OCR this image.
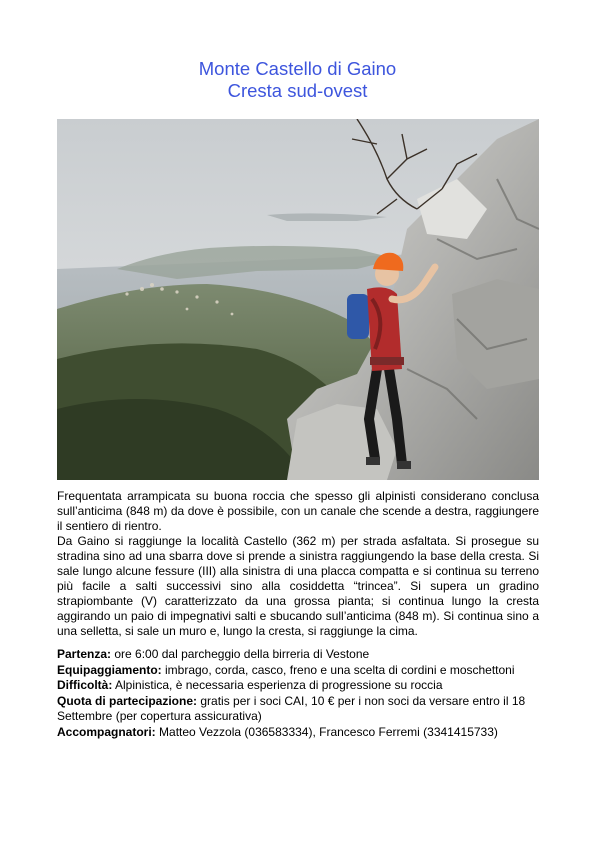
Monte Castello di Gaino
Cresta sud-ovest

Frequentata arrampicata su buona roccia che spesso gli alpinisti considerano conclusa sull’anticima (848 m) da dove è possibile, con un canale che scende a destra, raggiungere il sentiero di rientro.

Da Gaino si raggiunge la località Castello (362 m) per strada asfaltata. Si prosegue su stradina sino ad una sbarra dove si prende a sinistra raggiungendo la base della cresta. Si sale lungo alcune fessure (III) alla sinistra di una placca compatta e si continua su terreno più facile a salti successivi sino alla cosiddetta “trincea”. Si supera un gradino strapiombante (V) caratterizzato da una grossa pianta; si continua lungo la cresta aggirando un paio di impegnativi salti e sbucando sull’anticima (848 m). Si continua sino a una selletta, si sale un muro e, lungo la cresta, si raggiunge la cima.

Partenza: ore 6:00 dal parcheggio della birreria di Vestone

Equipaggiamento: imbrago, corda, casco, freno e una scelta di cordini e moschettoni

Difficoltà: Alpinistica, è necessaria esperienza di progressione su roccia

Quota di partecipazione: gratis per i soci CAI, 10 € per i non soci da versare entro il 18 Settembre (per copertura assicurativa)

Accompagnatori: Matteo Vezzola (036583334), Francesco Ferremi (3341415733)
